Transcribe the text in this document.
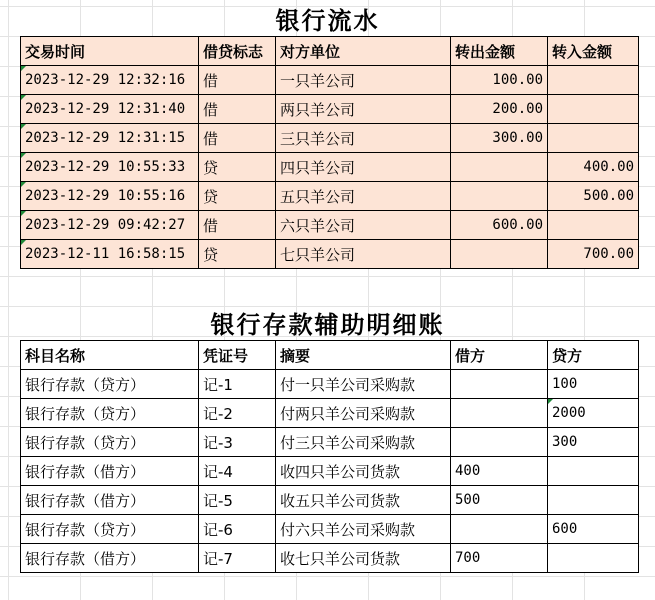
银行流水
交易时间	借贷标志	对方单位	转出金额	转入金额
2023-12-29 12:32:16	借	一只羊公司	100.00	
2023-12-29 12:31:40	借	两只羊公司	200.00	
2023-12-29 12:31:15	借	三只羊公司	300.00	
2023-12-29 10:55:33	贷	四只羊公司		400.00
2023-12-29 10:55:16	贷	五只羊公司		500.00
2023-12-29 09:42:27	借	六只羊公司	600.00	
2023-12-11 16:58:15	贷	七只羊公司		700.00
银行存款辅助明细账
科目名称	凭证号	摘要	借方	贷方
银行存款（贷方）	记-1	付一只羊公司采购款		100
银行存款（贷方）	记-2	付两只羊公司采购款		2000
银行存款（贷方）	记-3	付三只羊公司采购款		300
银行存款（借方）	记-4	收四只羊公司货款	400	
银行存款（借方）	记-5	收五只羊公司货款	500	
银行存款（贷方）	记-6	付六只羊公司采购款		600
银行存款（借方）	记-7	收七只羊公司货款	700	
